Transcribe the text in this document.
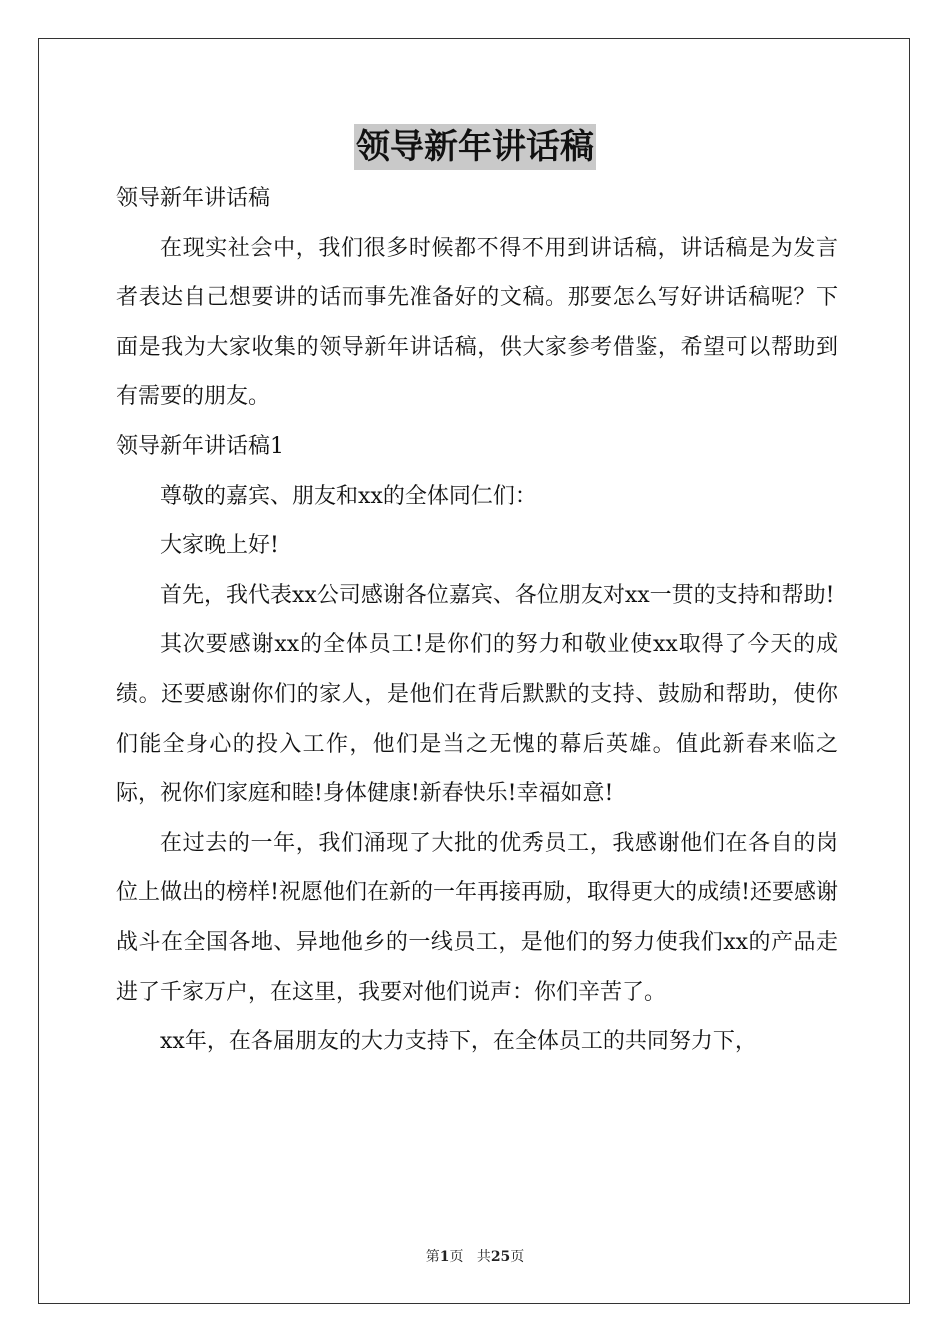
领导新年讲话稿

领导新年讲话稿

在现实社会中，我们很多时候都不得不用到讲话稿，讲话稿是为发言者表达自己想要讲的话而事先准备好的文稿。那要怎么写好讲话稿呢？下面是我为大家收集的领导新年讲话稿，供大家参考借鉴，希望可以帮助到有需要的朋友。

领导新年讲话稿1

尊敬的嘉宾、朋友和xx的全体同仁们：

大家晚上好!

首先，我代表xx公司感谢各位嘉宾、各位朋友对xx一贯的支持和帮助!

其次要感谢xx的全体员工!是你们的努力和敬业使xx取得了今天的成绩。还要感谢你们的家人，是他们在背后默默的支持、鼓励和帮助，使你们能全身心的投入工作，他们是当之无愧的幕后英雄。值此新春来临之际，祝你们家庭和睦!身体健康!新春快乐!幸福如意!

在过去的一年，我们涌现了大批的优秀员工，我感谢他们在各自的岗位上做出的榜样!祝愿他们在新的一年再接再励，取得更大的成绩!还要感谢战斗在全国各地、异地他乡的一线员工，是他们的努力使我们xx的产品走进了千家万户，在这里，我要对他们说声：你们辛苦了。

xx年，在各届朋友的大力支持下，在全体员工的共同努力下，

第1页 共25页
